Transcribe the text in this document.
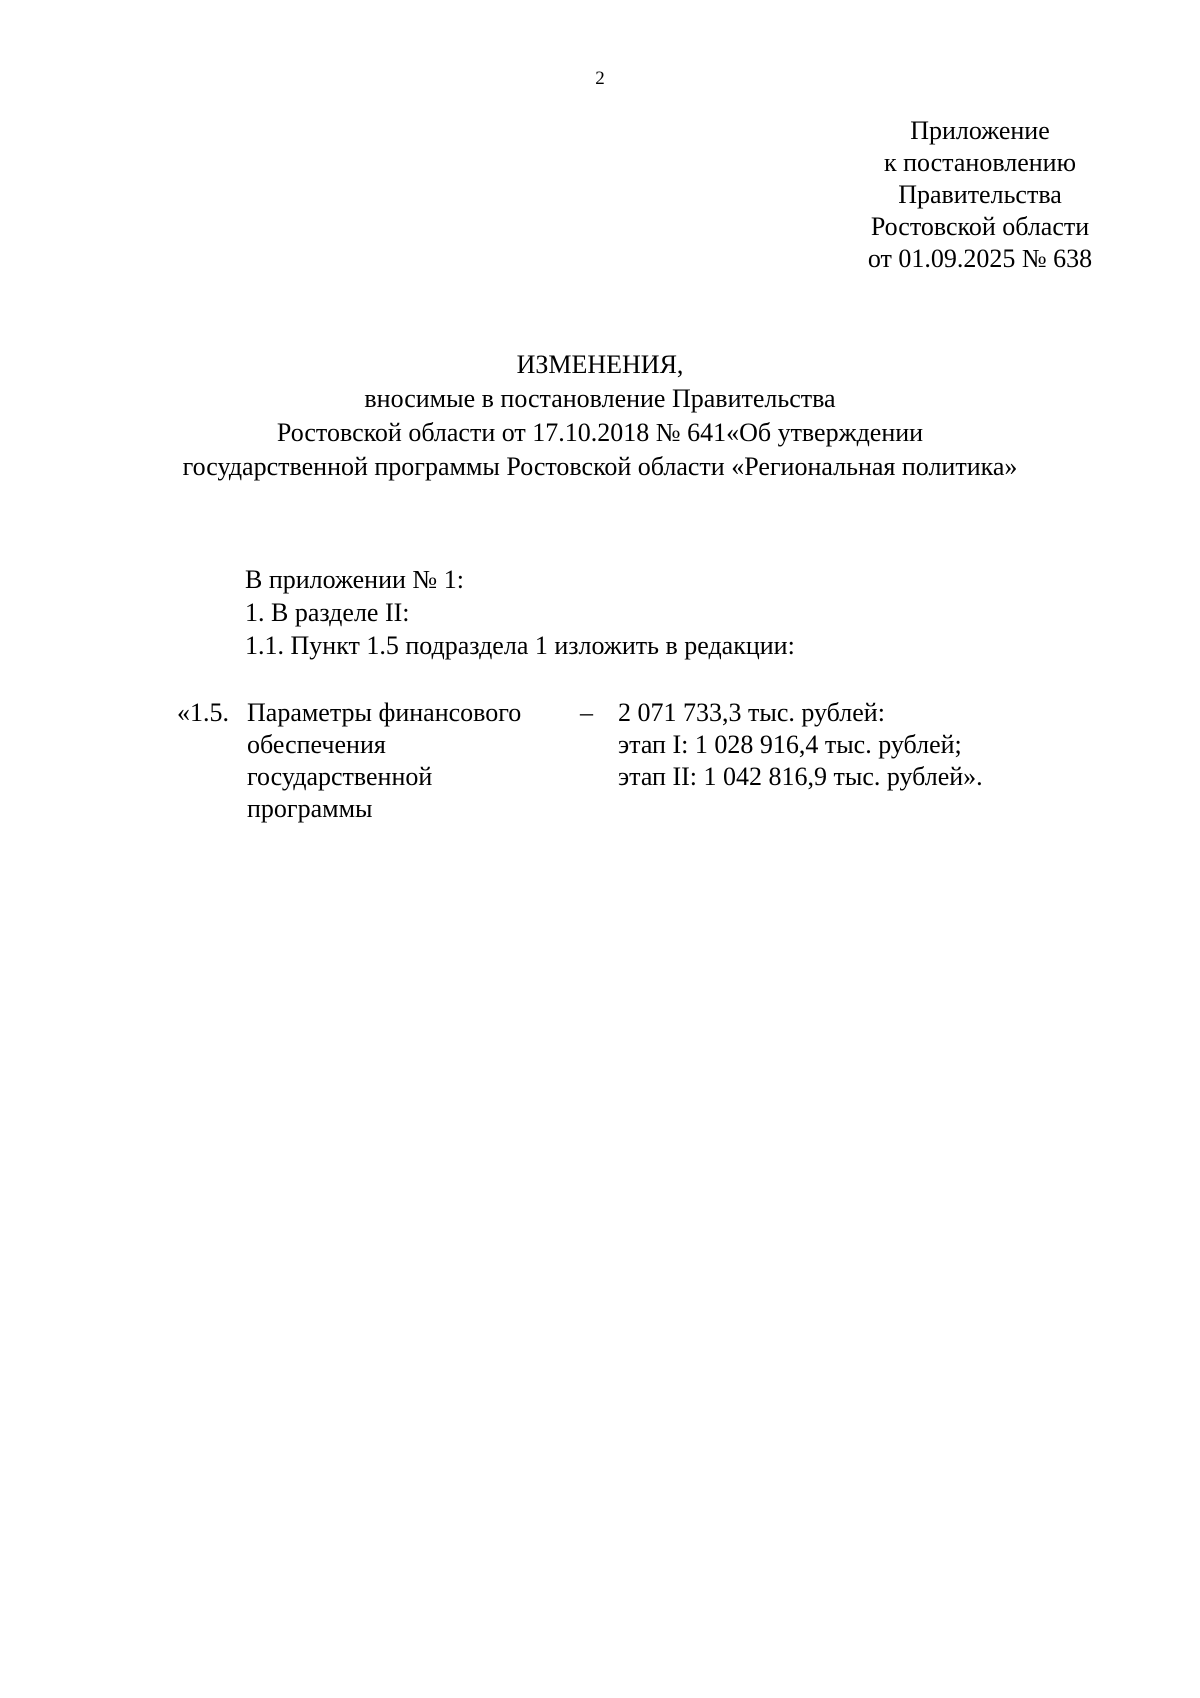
2
Приложение
к постановлению
Правительства
Ростовской области
от 01.09.2025 № 638
ИЗМЕНЕНИЯ,
вносимые в постановление Правительства
Ростовской области от 17.10.2018 № 641«Об утверждении
государственной программы Ростовской области «Региональная политика»
В приложении № 1:
1. В разделе II:
1.1. Пункт 1.5 подраздела 1 изложить в редакции:
«1.5. Параметры финансового
обеспечения
государственной
программы
– 2 071 733,3 тыс. рублей:
этап I: 1 028 916,4 тыс. рублей;
этап II: 1 042 816,9 тыс. рублей».
